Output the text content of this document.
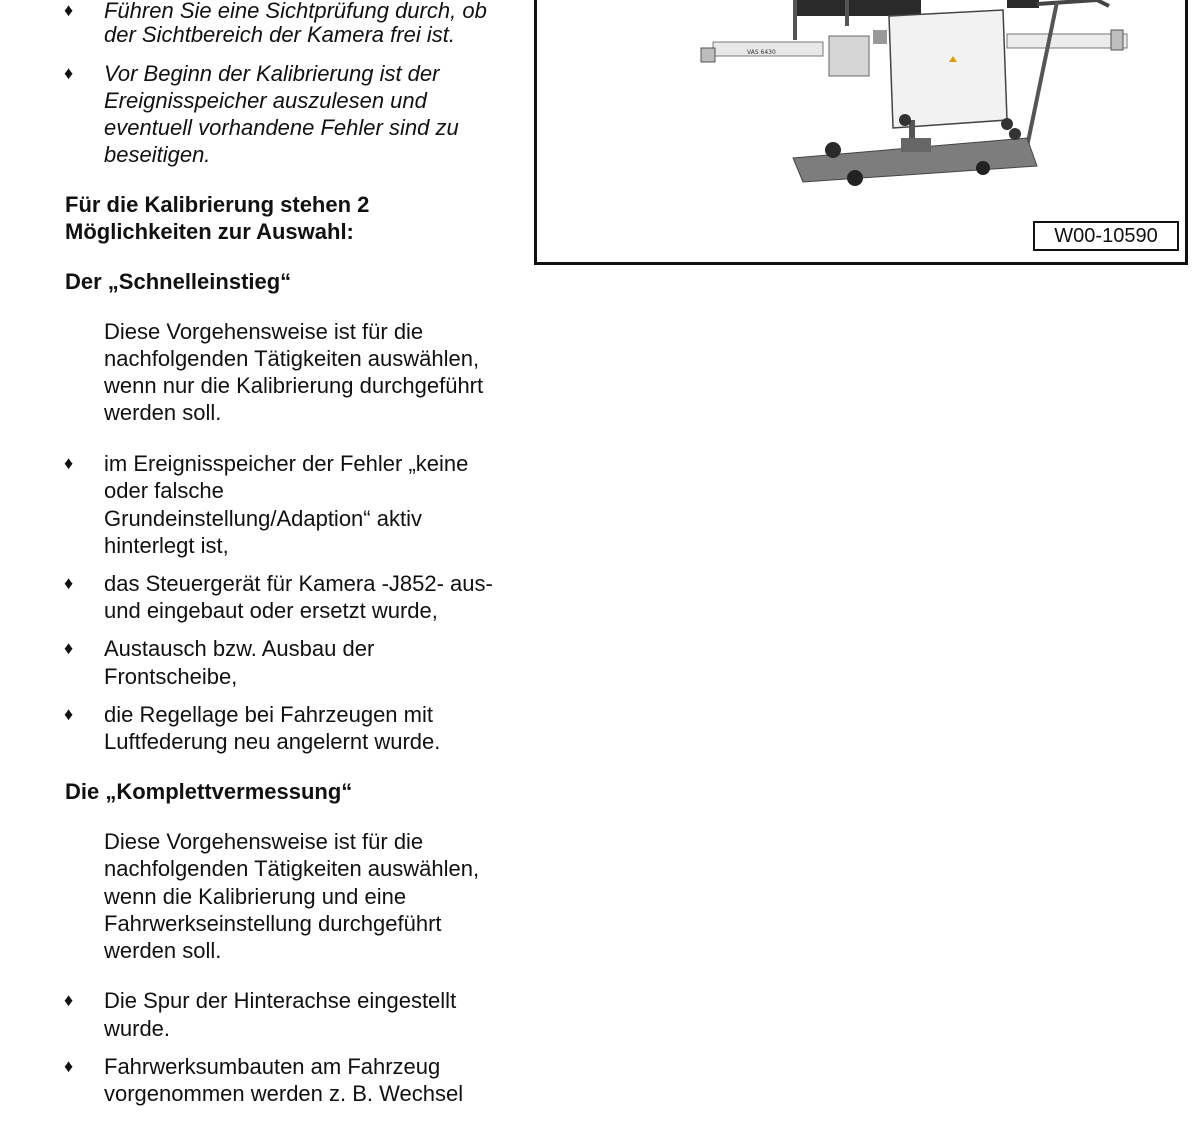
♦ Führen Sie eine Sichtprüfung durch, ob
der Sichtbereich der Kamera frei ist.
♦ Vor Beginn der Kalibrierung ist der
Ereignisspeicher auszulesen und
eventuell vorhandene Fehler sind zu
beseitigen.
Für die Kalibrierung stehen 2
Möglichkeiten zur Auswahl:
Der „Schnelleinstieg“
Diese Vorgehensweise ist für die
nachfolgenden Tätigkeiten auswählen,
wenn nur die Kalibrierung durchgeführt
werden soll.
♦ im Ereignisspeicher der Fehler „keine
oder falsche
Grundeinstellung/Adaption“ aktiv
hinterlegt ist,
♦ das Steuergerät für Kamera -J852- aus-
und eingebaut oder ersetzt wurde,
♦ Austausch bzw. Ausbau der
Frontscheibe,
♦ die Regellage bei Fahrzeugen mit
Luftfederung neu angelernt wurde.
Die „Komplettvermessung“
Diese Vorgehensweise ist für die
nachfolgenden Tätigkeiten auswählen,
wenn die Kalibrierung und eine
Fahrwerkseinstellung durchgeführt
werden soll.
♦ Die Spur der Hinterachse eingestellt
wurde.
♦ Fahrwerksumbauten am Fahrzeug
vorgenommen werden z. B. Wechsel
VAS 6430
W00-10590
